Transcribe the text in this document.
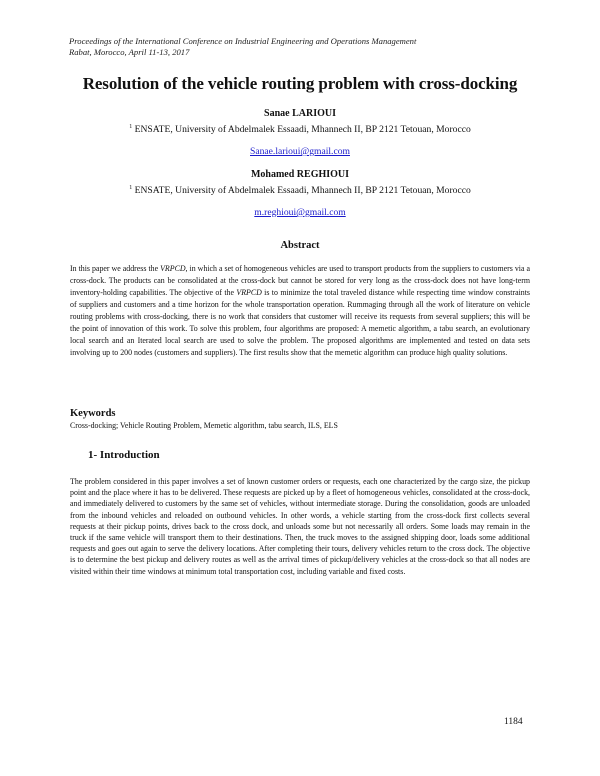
Proceedings of the International Conference on Industrial Engineering and Operations Management
Rabat, Morocco, April 11-13, 2017
Resolution of the vehicle routing problem with cross-docking
Sanae LARIOUI
$^1$ ENSATE, University of Abdelmalek Essaadi, Mhannech II, BP 2121 Tetouan, Morocco
Sanae.larioui@gmail.com
Mohamed REGHIOUI
$^1$ ENSATE, University of Abdelmalek Essaadi, Mhannech II, BP 2121 Tetouan, Morocco
m.reghioui@gmail.com
Abstract
In this paper we address the VRPCD, in which a set of homogeneous vehicles are used to transport products from the suppliers to customers via a cross-dock. The products can be consolidated at the cross-dock but cannot be stored for very long as the cross-dock does not have long-term inventory-holding capabilities. The objective of the VRPCD is to minimize the total traveled distance while respecting time window constraints of suppliers and customers and a time horizon for the whole transportation operation. Rummaging through all the work of literature on vehicle routing problems with cross-docking, there is no work that considers that customer will receive its requests from several suppliers; this will be the point of innovation of this work. To solve this problem, four algorithms are proposed: A memetic algorithm, a tabu search, an evolutionary local search and an Iterated local search are used to solve the problem. The proposed algorithms are implemented and tested on data sets involving up to 200 nodes (customers and suppliers). The first results show that the memetic algorithm can produce high quality solutions.
Keywords
Cross-docking; Vehicle Routing Problem, Memetic algorithm, tabu search, ILS, ELS
1- Introduction
The problem considered in this paper involves a set of known customer orders or requests, each one characterized by the cargo size, the pickup point and the place where it has to be delivered. These requests are picked up by a fleet of homogeneous vehicles, consolidated at the cross-dock, and immediately delivered to customers by the same set of vehicles, without intermediate storage. During the consolidation, goods are unloaded from the inbound vehicles and reloaded on outbound vehicles. In other words, a vehicle starting from the cross-dock first collects several requests at their pickup points, drives back to the cross dock, and unloads some but not necessarily all orders. Some loads may remain in the truck if the same vehicle will transport them to their destinations. Then, the truck moves to the assigned shipping door, loads some additional requests and goes out again to serve the delivery locations. After completing their tours, delivery vehicles return to the cross dock. The objective is to determine the best pickup and delivery routes as well as the arrival times of pickup/delivery vehicles at the cross-dock so that all nodes are visited within their time windows at minimum total transportation cost, including variable and fixed costs.
1184
